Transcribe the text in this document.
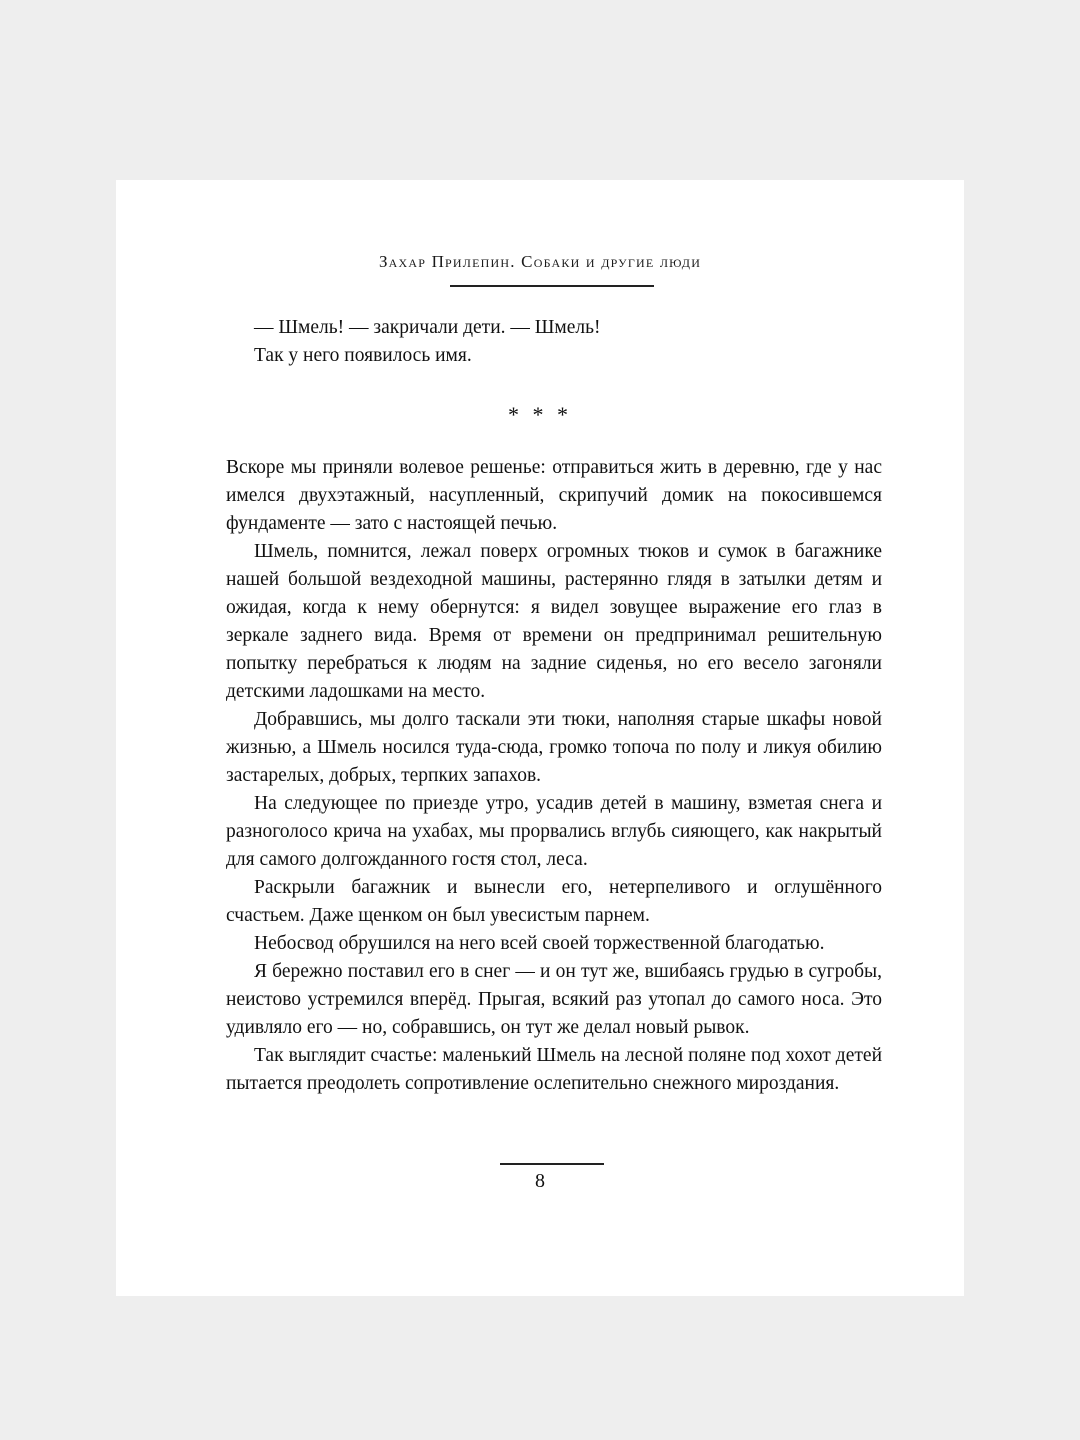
Захар Прилепин. Собаки и другие люди
— Шмель! — закричали дети. — Шмель!
Так у него появилось имя.
* * *

Вскоре мы приняли волевое решенье: отправиться жить в деревню, где у нас имелся двухэтажный, насупленный, скрипучий домик на покосившемся фундаменте — зато с настоящей печью.

Шмель, помнится, лежал поверх огромных тюков и сумок в багажнике нашей большой вездеходной машины, растерянно глядя в затылки детям и ожидая, когда к нему обернутся: я видел зовущее выражение его глаз в зеркале заднего вида. Время от времени он предпринимал решительную попытку перебраться к людям на задние сиденья, но его весело загоняли детскими ладошками на место.

Добравшись, мы долго таскали эти тюки, наполняя старые шкафы новой жизнью, а Шмель носился туда-сюда, громко топоча по полу и ликуя обилию застарелых, добрых, терпких запахов.

На следующее по приезде утро, усадив детей в машину, взметая снега и разноголосо крича на ухабах, мы прорвались вглубь сияющего, как накрытый для самого долгожданного гостя стол, леса.

Раскрыли багажник и вынесли его, нетерпеливого и оглушённого счастьем. Даже щенком он был увесистым парнем.

Небосвод обрушился на него всей своей торжественной благодатью.

Я бережно поставил его в снег — и он тут же, вшибаясь грудью в сугробы, неистово устремился вперёд. Прыгая, всякий раз утопал до самого носа. Это удивляло его — но, собравшись, он тут же делал новый рывок.

Так выглядит счастье: маленький Шмель на лесной поляне под хохот детей пытается преодолеть сопротивление ослепительно снежного мироздания.

8
